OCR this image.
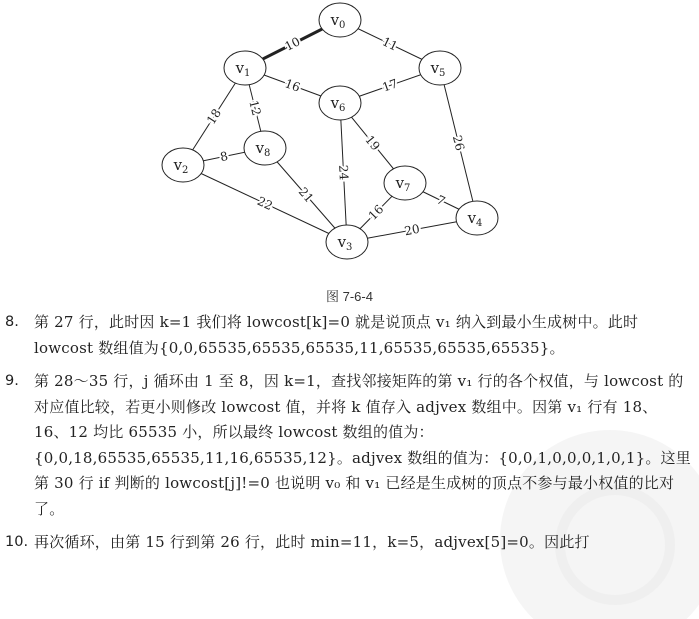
10	11
16	17
18 12
8
26
19
24
21
22	7
16
20
$v_0$
$v_1$	$v_5$
$v_6$
$v_8$
$v_2$
$v_7$
$v_4$
$v_3$
图 7-6-4
8. 第 27 行，此时因 k=1 我们将 lowcost[k]=0 就是说顶点 v₁ 纳入到最小生成树中。此时 lowcost 数组值为{0,0,65535,65535,65535,11,65535,65535,65535}。
9. 第 28～35 行，j 循环由 1 至 8，因 k=1，查找邻接矩阵的第 v₁ 行的各个权值，与 lowcost 的对应值比较，若更小则修改 lowcost 值，并将 k 值存入 adjvex 数组中。因第 v₁ 行有 18、16、12 均比 65535 小，所以最终 lowcost 数组的值为：{0,0,18,65535,65535,11,16,65535,12}。adjvex 数组的值为：{0,0,1,0,0,0,1,0,1}。这里第 30 行 if 判断的 lowcost[j]!=0 也说明 v₀ 和 v₁ 已经是生成树的顶点不参与最小权值的比对了。
10. 再次循环，由第 15 行到第 26 行，此时 min=11，k=5，adjvex[5]=0。因此打
